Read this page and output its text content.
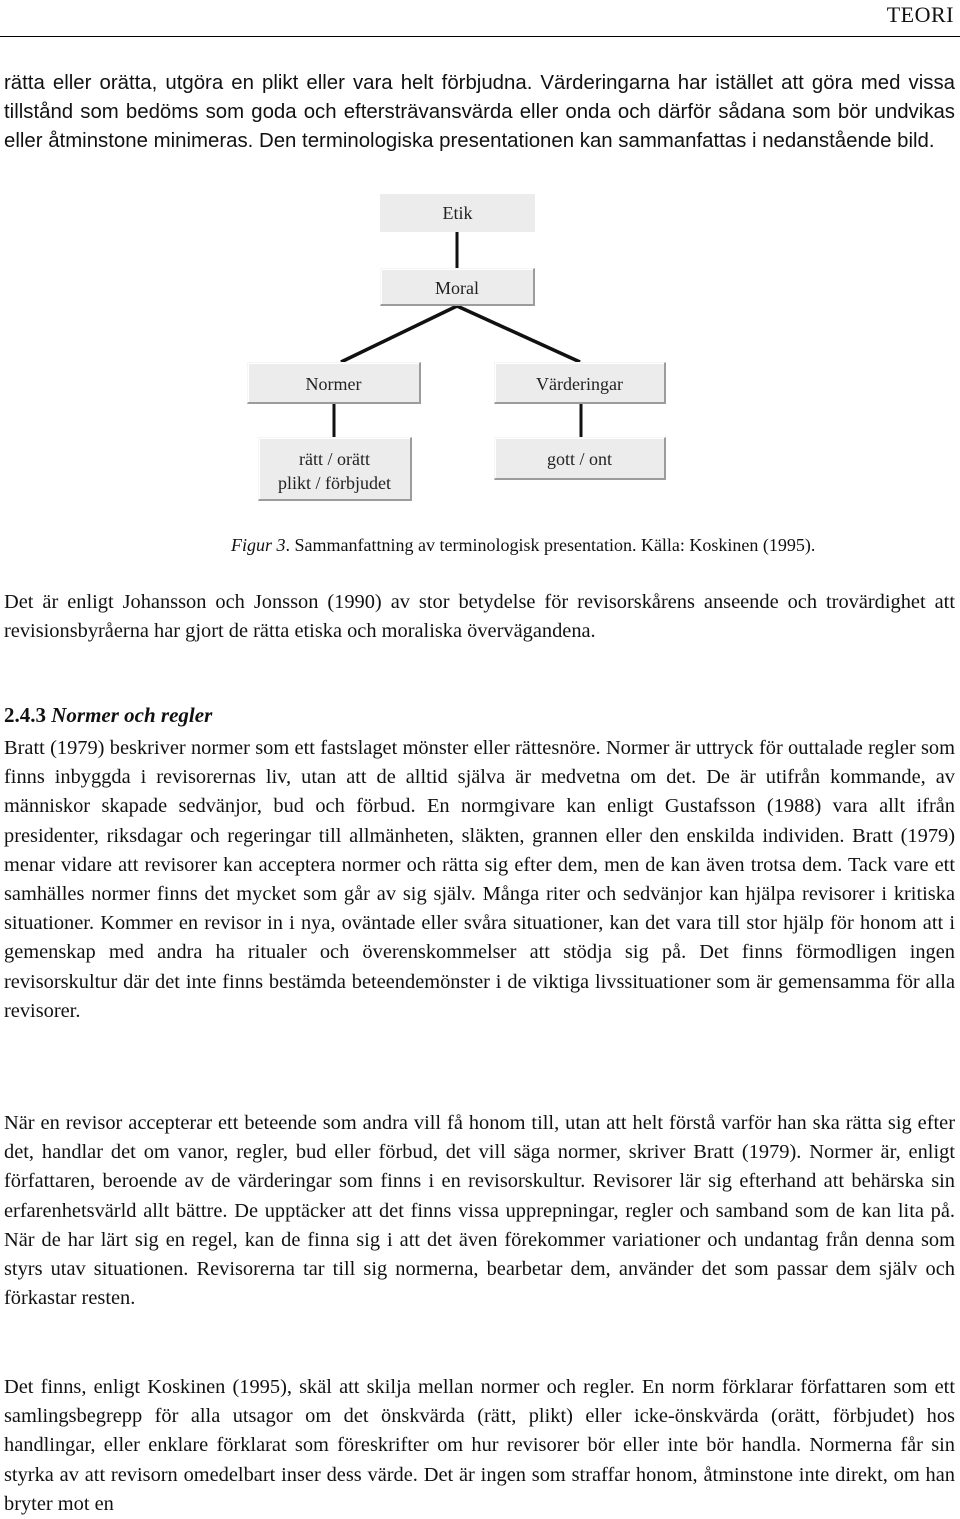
TEORI

rätta eller orätta, utgöra en plikt eller vara helt förbjudna. Värderingarna har istället att göra med vissa tillstånd som bedöms som goda och eftersträvansvärda eller onda och därför sådana som bör undvikas eller åtminstone minimeras. Den terminologiska presentationen kan sammanfattas i nedanstående bild.

Etik
Moral
Normer	Värderingar
rätt / orätt
plikt / förbjudet
gott / ont
Figur 3. Sammanfattning av terminologisk presentation. Källa: Koskinen (1995).

Det är enligt Johansson och Jonsson (1990) av stor betydelse för revisorskårens anseende och trovärdighet att revisionsbyråerna har gjort de rätta etiska och moraliska övervägandena.

2.4.3 Normer och regler

Bratt (1979) beskriver normer som ett fastslaget mönster eller rättesnöre. Normer är uttryck för outtalade regler som finns inbyggda i revisorernas liv, utan att de alltid själva är medvetna om det. De är utifrån kommande, av människor skapade sedvänjor, bud och förbud. En normgivare kan enligt Gustafsson (1988) vara allt ifrån presidenter, riksdagar och regeringar till allmänheten, släkten, grannen eller den enskilda individen. Bratt (1979) menar vidare att revisorer kan acceptera normer och rätta sig efter dem, men de kan även trotsa dem. Tack vare ett samhälles normer finns det mycket som går av sig själv. Många riter och sedvänjor kan hjälpa revisorer i kritiska situationer. Kommer en revisor in i nya, oväntade eller svåra situationer, kan det vara till stor hjälp för honom att i gemenskap med andra ha ritualer och överenskommelser att stödja sig på. Det finns förmodligen ingen revisorskultur där det inte finns bestämda beteendemönster i de viktiga livssituationer som är gemensamma för alla revisorer.

När en revisor accepterar ett beteende som andra vill få honom till, utan att helt förstå varför han ska rätta sig efter det, handlar det om vanor, regler, bud eller förbud, det vill säga normer, skriver Bratt (1979). Normer är, enligt författaren, beroende av de värderingar som finns i en revisorskultur. Revisorer lär sig efterhand att behärska sin erfarenhetsvärld allt bättre. De upptäcker att det finns vissa upprepningar, regler och samband som de kan lita på. När de har lärt sig en regel, kan de finna sig i att det även förekommer variationer och undantag från denna som styrs utav situationen. Revisorerna tar till sig normerna, bearbetar dem, använder det som passar dem själv och förkastar resten.

Det finns, enligt Koskinen (1995), skäl att skilja mellan normer och regler. En norm förklarar författaren som ett samlingsbegrepp för alla utsagor om det önskvärda (rätt, plikt) eller icke-önskvärda (orätt, förbjudet) hos handlingar, eller enklare förklarat som föreskrifter om hur revisorer bör eller inte bör handla. Normerna får sin styrka av att revisorn omedelbart inser dess värde. Det är ingen som straffar honom, åtminstone inte direkt, om han bryter mot en
